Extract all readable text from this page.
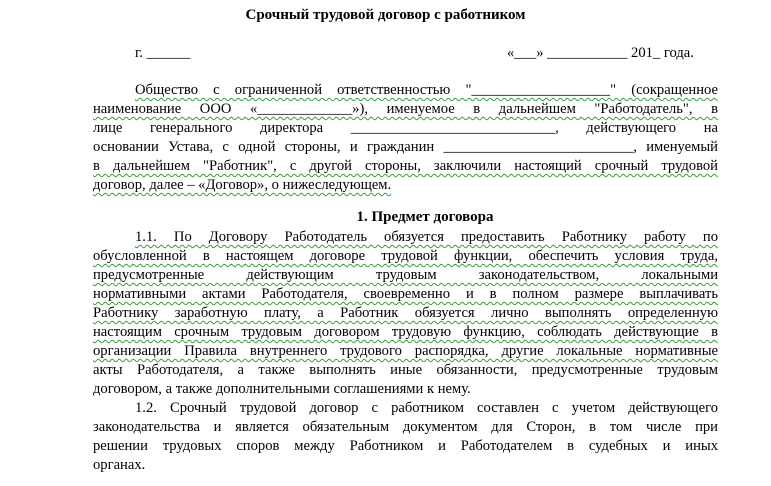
Срочный трудовой договор с работником
г. ______	«___» ___________ 201_ года.
Общество с ограниченной ответственностью "___________________" (сокращенное
наименование ООО «_____________»), именуемое в дальнейшем "Работодатель", в
лице генерального директора ____________________________, действующего на
основании Устава, с одной стороны, и гражданин __________________________, именуемый
в дальнейшем "Работник", с другой стороны, заключили настоящий срочный трудовой
договор, далее – «Договор», о нижеследующем.
1. Предмет договора
1.1. По Договору Работодатель обязуется предоставить Работнику работу по
обусловленной в настоящем договоре трудовой функции, обеспечить условия труда,
предусмотренные действующим трудовым законодательством, локальными
нормативными актами Работодателя, своевременно и в полном размере выплачивать
Работнику заработную плату, а Работник обязуется лично выполнять определенную
настоящим срочным трудовым договором трудовую функцию, соблюдать действующие в
организации Правила внутреннего трудового распорядка, другие локальные нормативные
акты Работодателя, а также выполнять иные обязанности, предусмотренные трудовым
договором, а также дополнительными соглашениями к нему.
1.2. Срочный трудовой договор с работником составлен с учетом действующего
законодательства и является обязательным документом для Сторон, в том числе при
решении трудовых споров между Работником и Работодателем в судебных и иных
органах.
